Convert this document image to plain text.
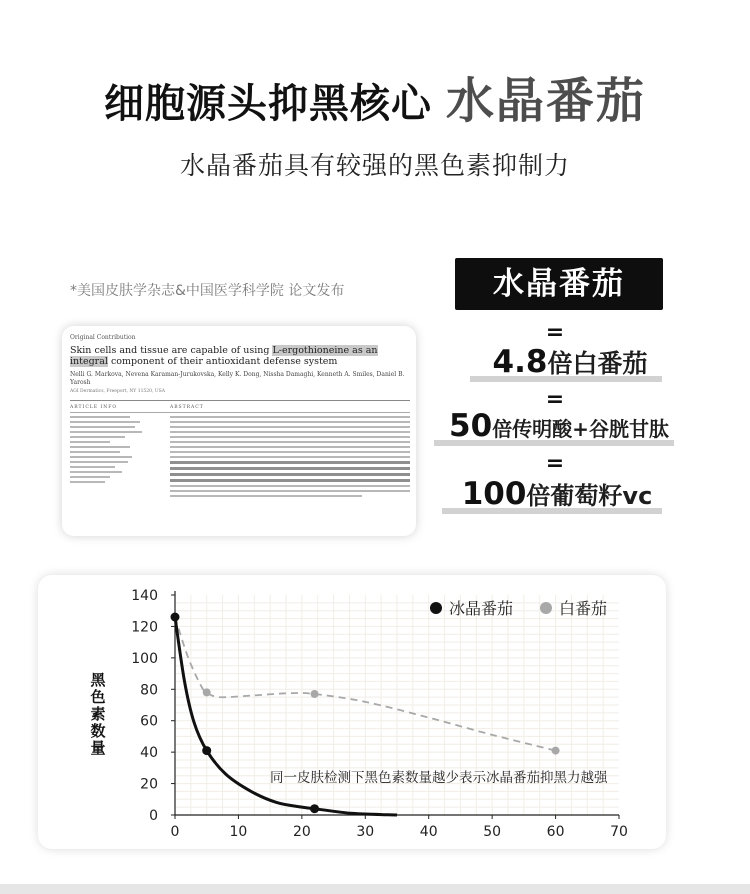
细胞源头抑黑核心 水晶番茄
水晶番茄具有较强的黑色素抑制力
*美国皮肤学杂志&中国医学科学院 论文发布
Original Contribution
Skin cells and tissue are capable of using L-ergothioneine as an integral component of their antioxidant defense system
Nelli G. Markova, Nevena Karaman-Jurukovska, Kelly K. Dong, Nissha Damaghi, Kenneth A. Smiles, Daniel B. Yarosh
AGI Dermatics, Freeport, NY 11520, USA
ARTICLE INFO	ABSTRACT
水晶番茄
=
4.8倍白番茄
=
50倍传明酸+谷胱甘肽
=
100倍葡萄籽vc
0	10	20	30	40	50	60	70
0
20
40
60
80
100
120
140
冰晶番茄	白番茄
同一皮肤检测下黑色素数量越少表示冰晶番茄抑黑力越强
黑色素数量
